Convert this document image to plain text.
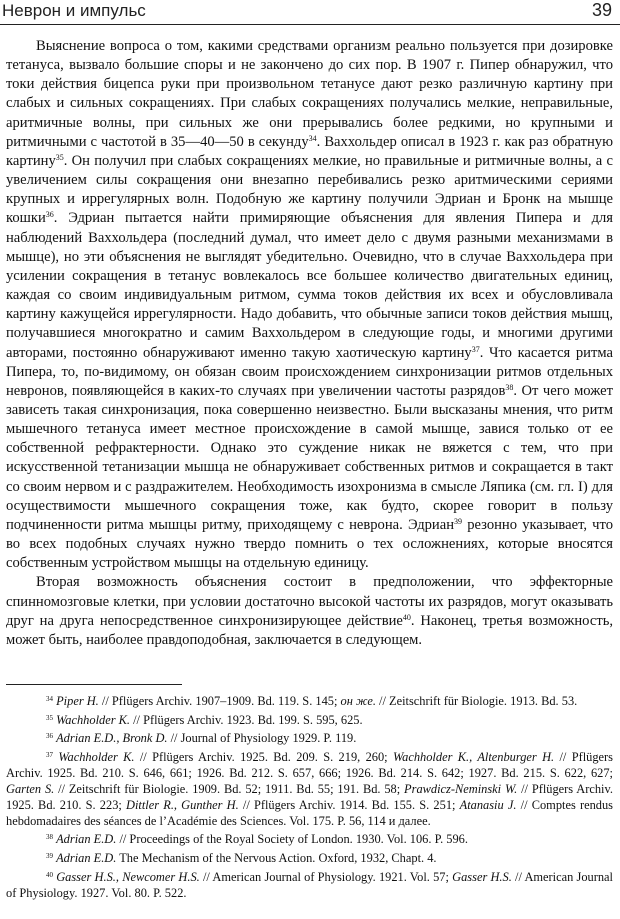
Неврон и импульс	39

Выяснение вопроса о том, какими средствами организм реально пользуется при дозировке тетануса, вызвало большие споры и не закончено до сих пор. В 1907 г. Пипер обнаружил, что токи действия бицепса руки при произвольном тетанусе дают резко различную картину при слабых и сильных сокращениях. При слабых сокращениях получались мелкие, неправильные, аритмичные волны, при сильных же они прерывались более редкими, но крупными и ритмичными с частотой в 35—40—50 в секунду$^{34}$. Ваххольдер описал в 1923 г. как раз обратную картину$^{35}$. Он получил при слабых сокращениях мелкие, но правильные и ритмичные волны, а с увеличением силы сокращения они внезапно перебивались резко аритмическими сериями крупных и иррегулярных волн. Подобную же картину получили Эдриан и Бронк на мышце кошки$^{36}$. Эдриан пытается найти примиряющие объяснения для явления Пипера и для наблюдений Ваххольдера (последний думал, что имеет дело с двумя разными механизмами в мышце), но эти объяснения не выглядят убедительно. Очевидно, что в случае Ваххольдера при усилении сокращения в тетанус вовлекалось все большее количество двигательных единиц, каждая со своим индивидуальным ритмом, сумма токов действия их всех и обусловливала картину кажущейся иррегулярности. Надо добавить, что обычные записи токов действия мышц, получавшиеся многократно и самим Ваххольдером в следующие годы, и многими другими авторами, постоянно обнаруживают именно такую хаотическую картину$^{37}$. Что касается ритма Пипера, то, по-видимому, он обязан своим происхождением синхронизации ритмов отдельных невронов, появляющейся в каких-то случаях при увеличении частоты разрядов$^{38}$. От чего может зависеть такая синхронизация, пока совершенно неизвестно. Были высказаны мнения, что ритм мышечного тетануса имеет местное происхождение в самой мышце, завися только от ее собственной рефрактерности. Однако это суждение никак не вяжется с тем, что при искусственной тетанизации мышца не обнаруживает собственных ритмов и сокращается в такт со своим нервом и с раздражителем. Необходимость изохронизма в смысле Ляпика (см. гл. I) для осуществимости мышечного сокращения тоже, как будто, скорее говорит в пользу подчиненности ритма мышцы ритму, приходящему с неврона. Эдриан$^{39}$ резонно указывает, что во всех подобных случаях нужно твердо помнить о тех осложнениях, которые вносятся собственным устройством мышцы на отдельную единицу.

Вторая возможность объяснения состоит в предположении, что эффекторные спинномозговые клетки, при условии достаточно высокой частоты их разрядов, могут оказывать друг на друга непосредственное синхронизирующее действие$^{40}$. Наконец, третья возможность, может быть, наиболее правдоподобная, заключается в следующем.

$^{34}$ Piper H. // Pflügers Archiv. 1907–1909. Bd. 119. S. 145; он же. // Zeitschrift für Biologie. 1913. Bd. 53.

$^{35}$ Wachholder K. // Pflügers Archiv. 1923. Bd. 199. S. 595, 625.

$^{36}$ Adrian E.D., Bronk D. // Journal of Physiology 1929. P. 119.

$^{37}$ Wachholder K. // Pflügers Archiv. 1925. Bd. 209. S. 219, 260; Wachholder K., Altenburger H. // Pflügers Archiv. 1925. Bd. 210. S. 646, 661; 1926. Bd. 212. S. 657, 666; 1926. Bd. 214. S. 642; 1927. Bd. 215. S. 622, 627; Garten S. // Zeitschrift für Biologie. 1909. Bd. 52; 1911. Bd. 55; 191. Bd. 58; Prawdicz-Neminski W. // Pflügers Archiv. 1925. Bd. 210. S. 223; Dittler R., Gunther H. // Pflügers Archiv. 1914. Bd. 155. S. 251; Atanasiu J. // Comptes rendus hebdomadaires des séances de l’Académie des Sciences. Vol. 175. P. 56, 114 и далее.

$^{38}$ Adrian E.D. // Proceedings of the Royal Society of London. 1930. Vol. 106. P. 596.

$^{39}$ Adrian E.D. The Mechanism of the Nervous Action. Oxford, 1932, Chapt. 4.

$^{40}$ Gasser H.S., Newcomer H.S. // American Journal of Physiology. 1921. Vol. 57; Gasser H.S. // American Journal of Physiology. 1927. Vol. 80. P. 522.
